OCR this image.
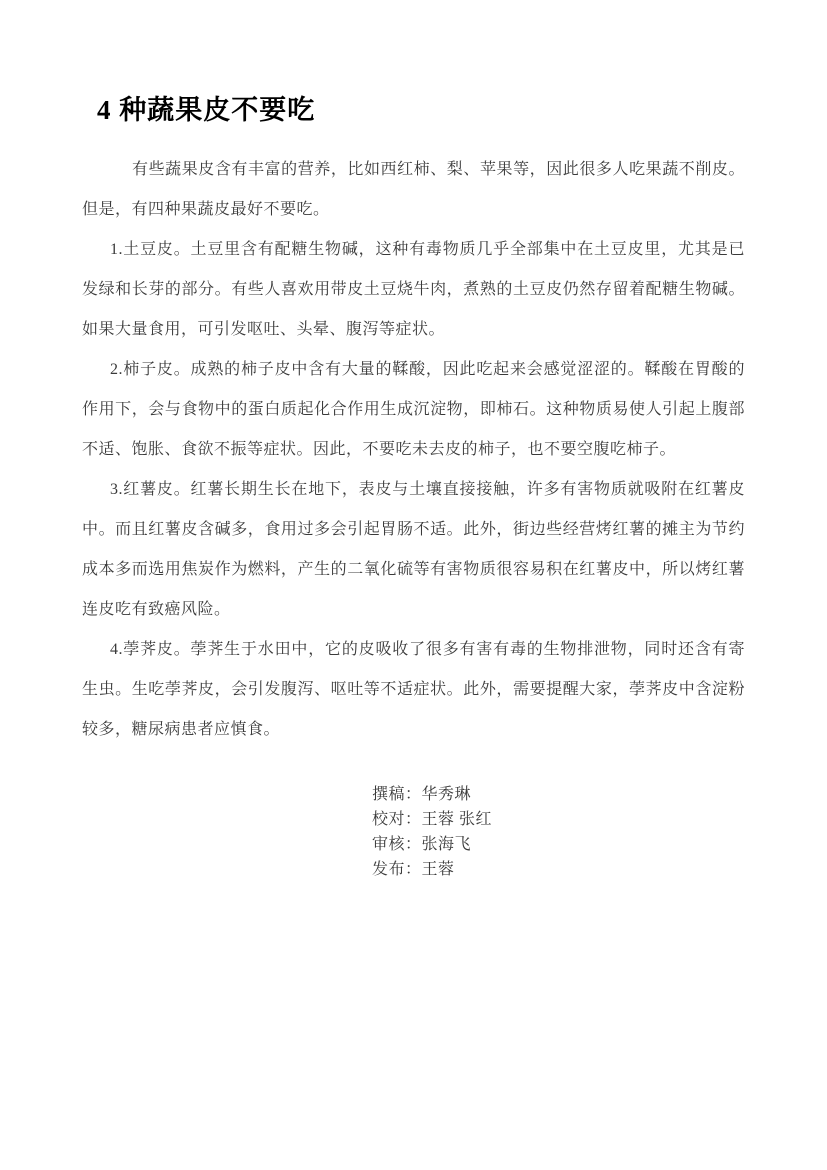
4 种蔬果皮不要吃

有些蔬果皮含有丰富的营养，比如西红柿、梨、苹果等，因此很多人吃果蔬不削皮。但是，有四种果蔬皮最好不要吃。

1.土豆皮。土豆里含有配糖生物碱，这种有毒物质几乎全部集中在土豆皮里，尤其是已发绿和长芽的部分。有些人喜欢用带皮土豆烧牛肉，煮熟的土豆皮仍然存留着配糖生物碱。如果大量食用，可引发呕吐、头晕、腹泻等症状。

2.柿子皮。成熟的柿子皮中含有大量的鞣酸，因此吃起来会感觉涩涩的。鞣酸在胃酸的作用下，会与食物中的蛋白质起化合作用生成沉淀物，即柿石。这种物质易使人引起上腹部不适、饱胀、食欲不振等症状。因此，不要吃未去皮的柿子，也不要空腹吃柿子。

3.红薯皮。红薯长期生长在地下，表皮与土壤直接接触，许多有害物质就吸附在红薯皮中。而且红薯皮含碱多，食用过多会引起胃肠不适。此外，街边些经营烤红薯的摊主为节约成本多而选用焦炭作为燃料，产生的二氧化硫等有害物质很容易积在红薯皮中，所以烤红薯连皮吃有致癌风险。

4.荸荠皮。荸荠生于水田中，它的皮吸收了很多有害有毒的生物排泄物，同时还含有寄生虫。生吃荸荠皮，会引发腹泻、呕吐等不适症状。此外，需要提醒大家，荸荠皮中含淀粉较多，糖尿病患者应慎食。

撰稿：华秀琳
校对：王蓉 张红
审核：张海飞
发布：王蓉
